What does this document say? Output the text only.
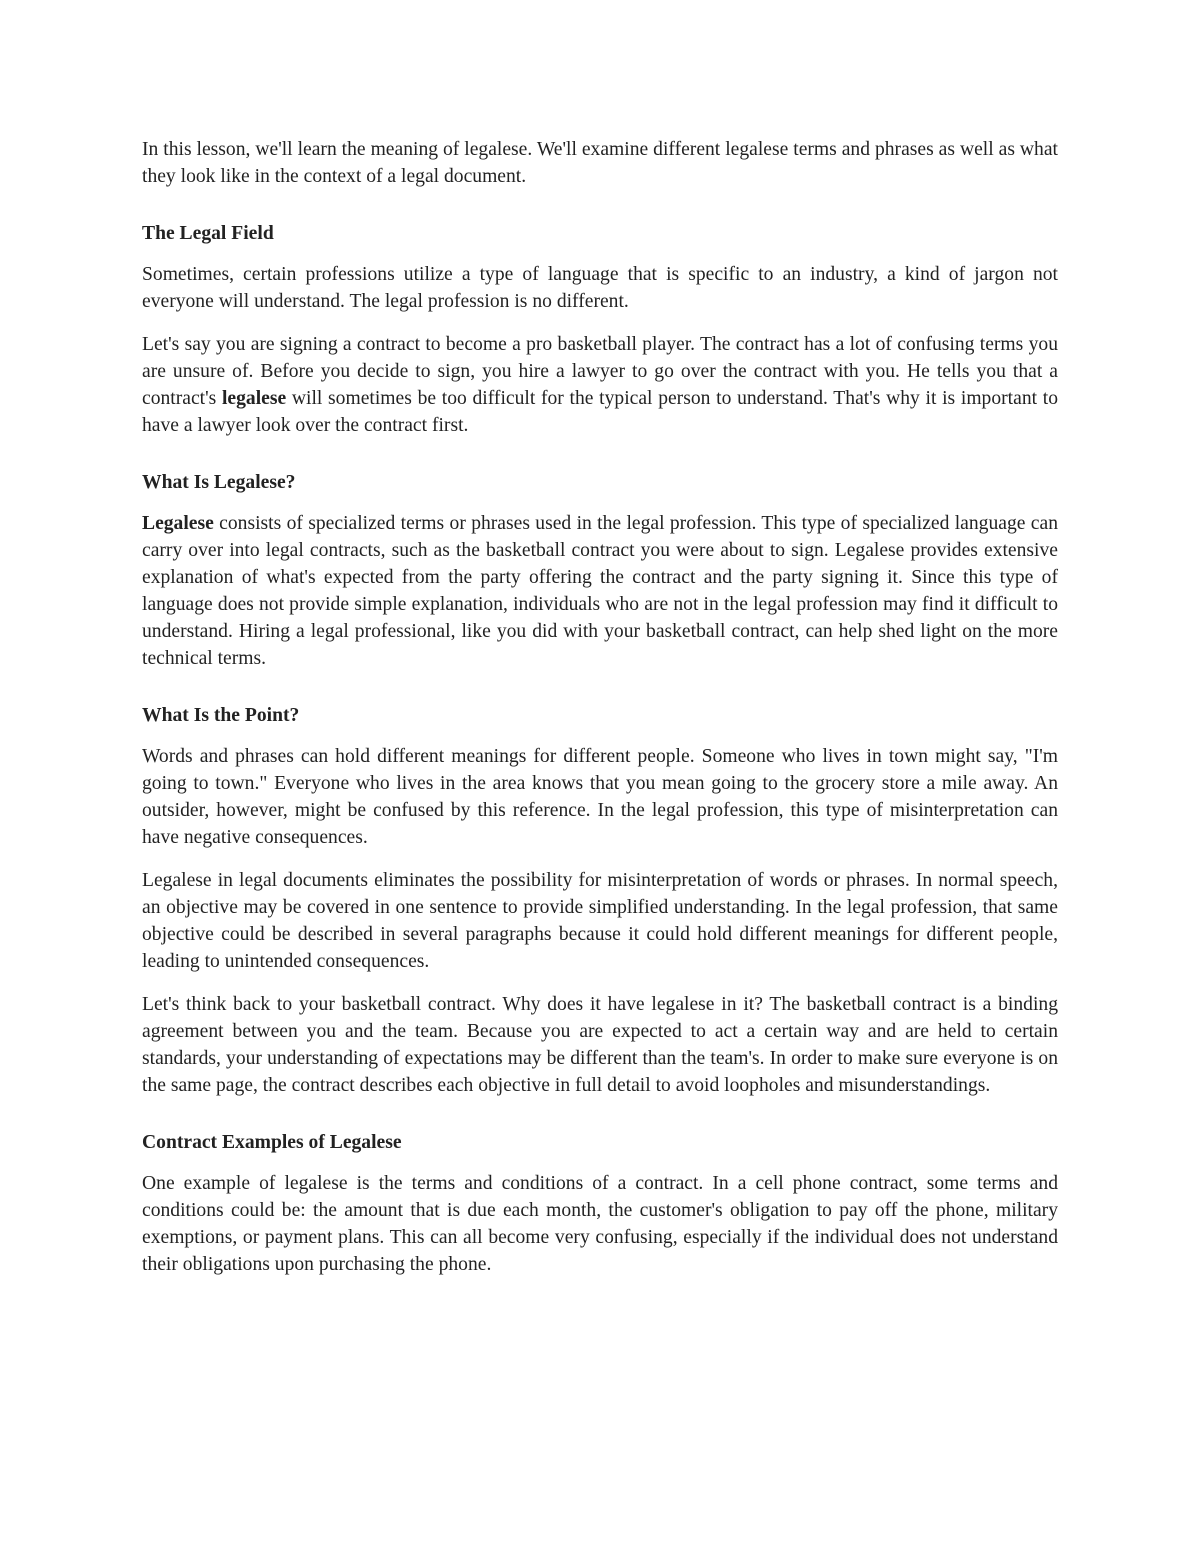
In this lesson, we'll learn the meaning of legalese. We'll examine different legalese terms and phrases as well as what they look like in the context of a legal document.

The Legal Field

Sometimes, certain professions utilize a type of language that is specific to an industry, a kind of jargon not everyone will understand. The legal profession is no different.

Let's say you are signing a contract to become a pro basketball player. The contract has a lot of confusing terms you are unsure of. Before you decide to sign, you hire a lawyer to go over the contract with you. He tells you that a contract's legalese will sometimes be too difficult for the typical person to understand. That's why it is important to have a lawyer look over the contract first.

What Is Legalese?

Legalese consists of specialized terms or phrases used in the legal profession. This type of specialized language can carry over into legal contracts, such as the basketball contract you were about to sign. Legalese provides extensive explanation of what's expected from the party offering the contract and the party signing it. Since this type of language does not provide simple explanation, individuals who are not in the legal profession may find it difficult to understand. Hiring a legal professional, like you did with your basketball contract, can help shed light on the more technical terms.

What Is the Point?

Words and phrases can hold different meanings for different people. Someone who lives in town might say, "I'm going to town." Everyone who lives in the area knows that you mean going to the grocery store a mile away. An outsider, however, might be confused by this reference. In the legal profession, this type of misinterpretation can have negative consequences.

Legalese in legal documents eliminates the possibility for misinterpretation of words or phrases. In normal speech, an objective may be covered in one sentence to provide simplified understanding. In the legal profession, that same objective could be described in several paragraphs because it could hold different meanings for different people, leading to unintended consequences.

Let's think back to your basketball contract. Why does it have legalese in it? The basketball contract is a binding agreement between you and the team. Because you are expected to act a certain way and are held to certain standards, your understanding of expectations may be different than the team's. In order to make sure everyone is on the same page, the contract describes each objective in full detail to avoid loopholes and misunderstandings.

Contract Examples of Legalese

One example of legalese is the terms and conditions of a contract. In a cell phone contract, some terms and conditions could be: the amount that is due each month, the customer's obligation to pay off the phone, military exemptions, or payment plans. This can all become very confusing, especially if the individual does not understand their obligations upon purchasing the phone.
